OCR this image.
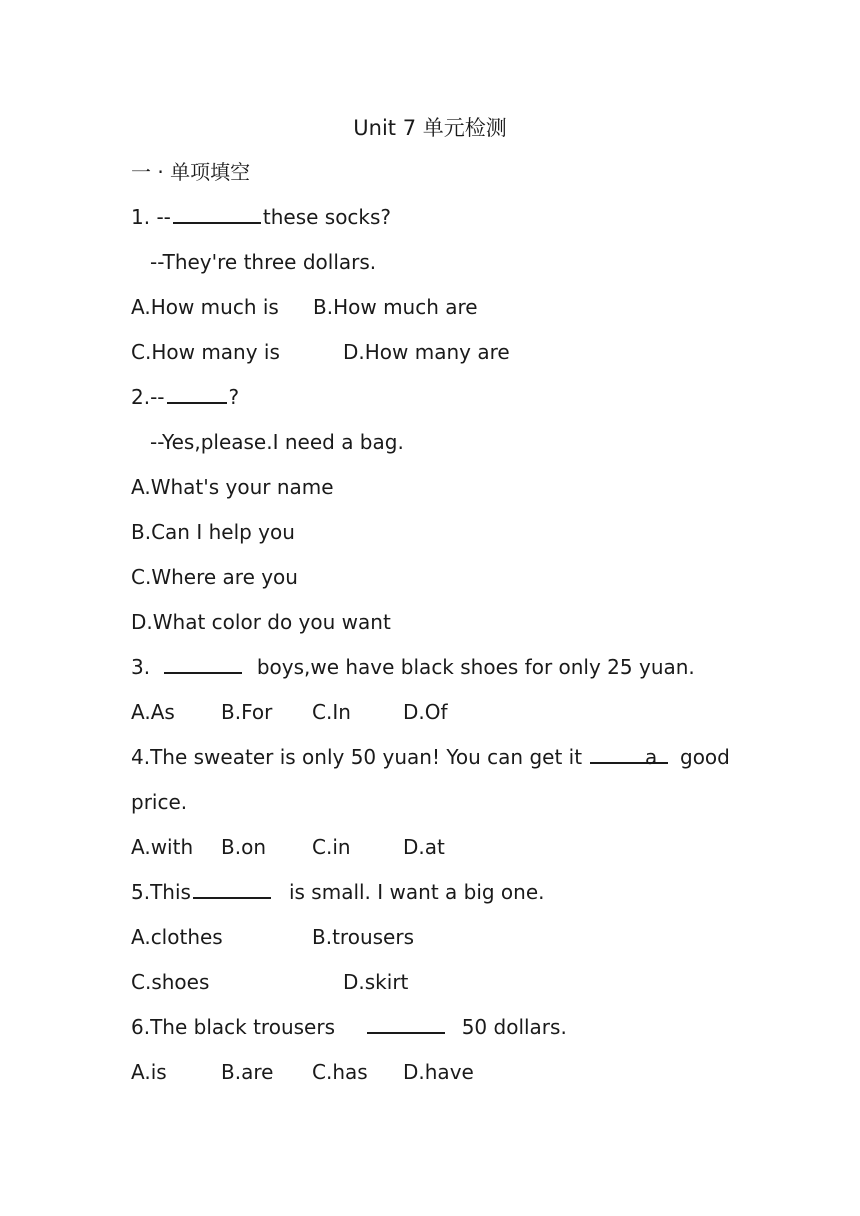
Unit 7 单元检测
一 · 单项填空
1. --	these socks?
--They're three dollars.
A.How much is B.How much are
C.How many is	D.How many are
2.--	?
--Yes,please.I need a bag.
A.What's your name
B.Can I help you
C.Where are you
D.What color do you want
3.	boys,we have black shoes for only 25 yuan.
A.As B.For C.In	D.Of
4.The sweater is only 50 yuan! You can get it	a good
price.
A.with B.on C.in	D.at
5.This	is small. I want a big one.
A.clothes	B.trousers
C.shoes	D.skirt
6.The black trousers	50 dollars.
A.is	B.are C.has D.have
